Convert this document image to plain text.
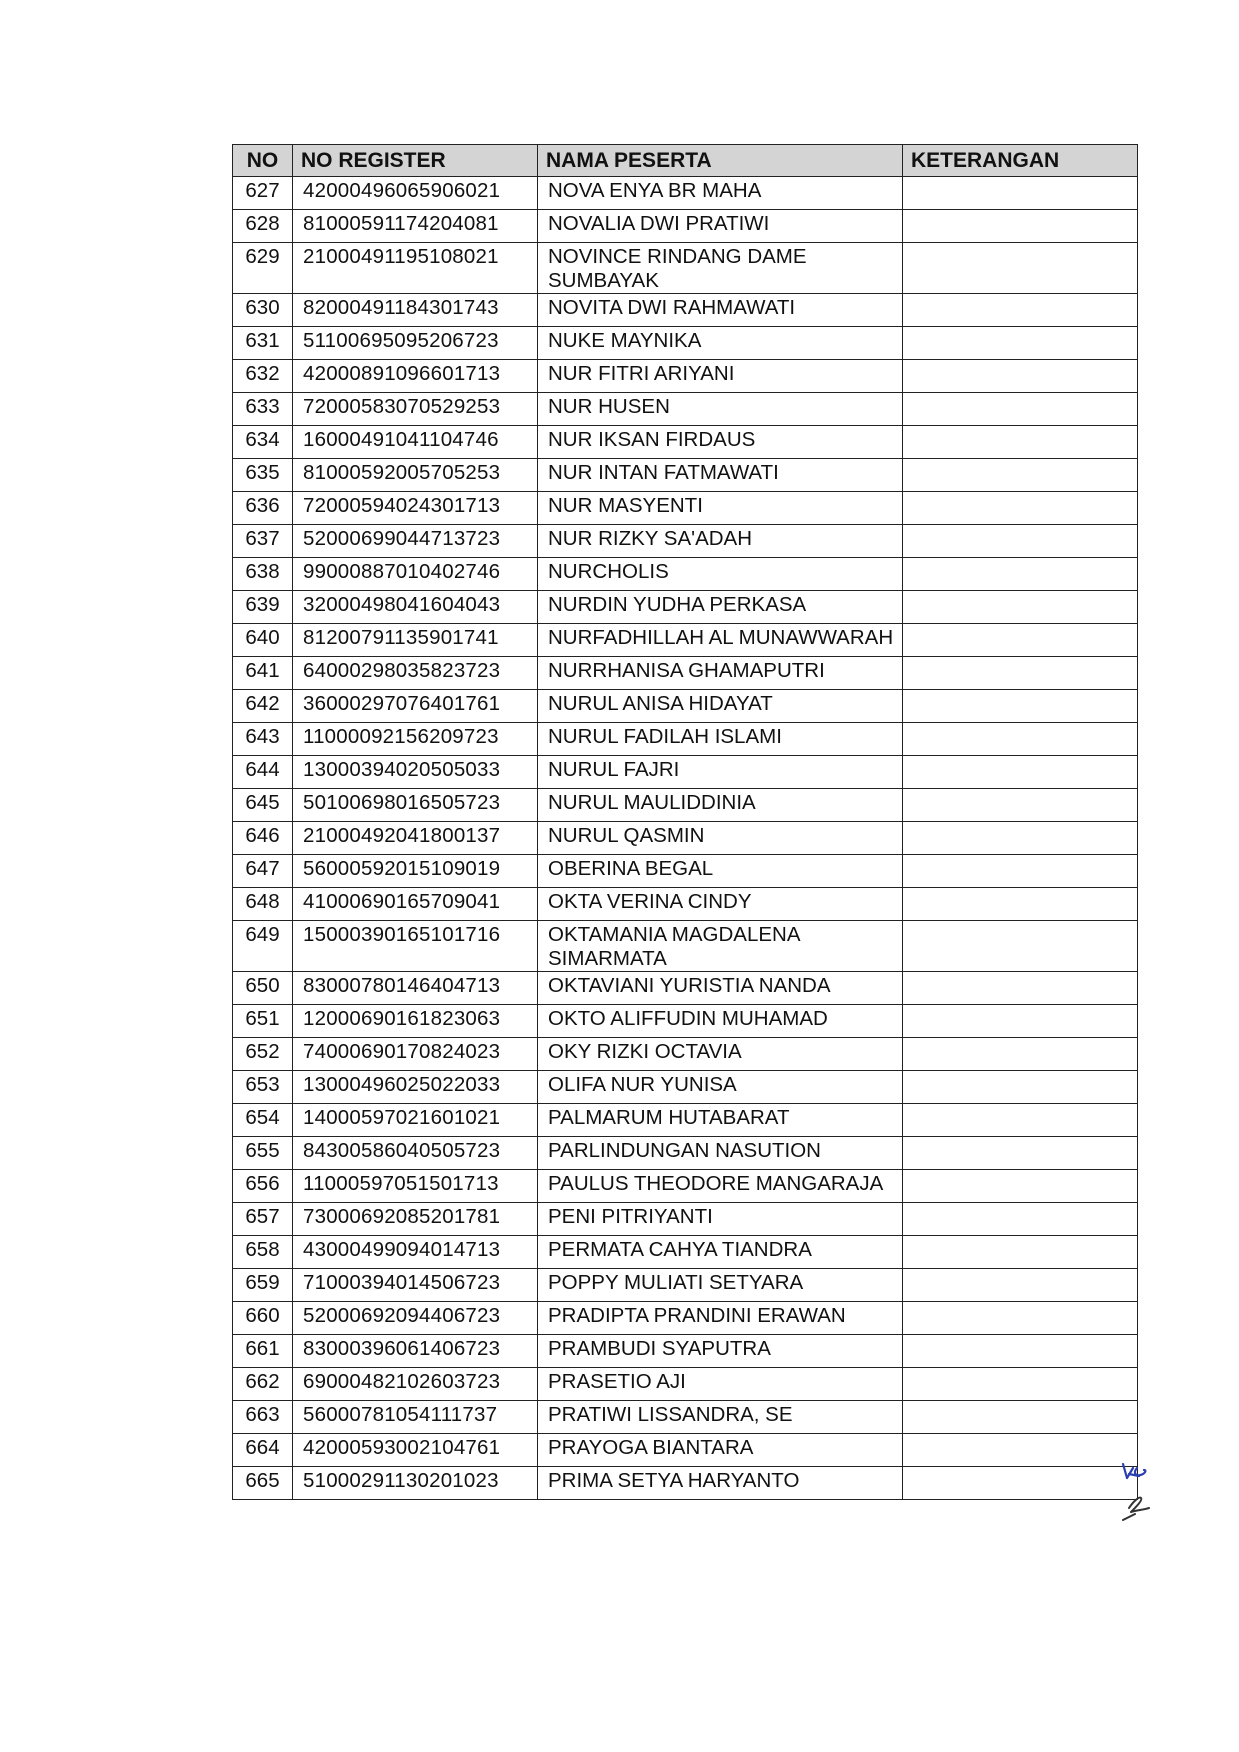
NO	NO REGISTER	NAMA PESERTA	KETERANGAN
627	42000496065906021	NOVA ENYA BR MAHA	
628	81000591174204081	NOVALIA DWI PRATIWI	
629	21000491195108021	NOVINCE RINDANG DAME SUMBAYAK	
630	82000491184301743	NOVITA DWI RAHMAWATI	
631	51100695095206723	NUKE MAYNIKA	
632	42000891096601713	NUR FITRI ARIYANI	
633	72000583070529253	NUR HUSEN	
634	16000491041104746	NUR IKSAN FIRDAUS	
635	81000592005705253	NUR INTAN FATMAWATI	
636	72000594024301713	NUR MASYENTI	
637	52000699044713723	NUR RIZKY SA'ADAH	
638	99000887010402746	NURCHOLIS	
639	32000498041604043	NURDIN YUDHA PERKASA	
640	81200791135901741	NURFADHILLAH AL MUNAWWARAH	
641	64000298035823723	NURRHANISA GHAMAPUTRI	
642	36000297076401761	NURUL ANISA HIDAYAT	
643	11000092156209723	NURUL FADILAH ISLAMI	
644	13000394020505033	NURUL FAJRI	
645	50100698016505723	NURUL MAULIDDINIA	
646	21000492041800137	NURUL QASMIN	
647	56000592015109019	OBERINA BEGAL	
648	41000690165709041	OKTA VERINA CINDY	
649	15000390165101716	OKTAMANIA MAGDALENA SIMARMATA	
650	83000780146404713	OKTAVIANI YURISTIA NANDA	
651	12000690161823063	OKTO ALIFFUDIN MUHAMAD	
652	74000690170824023	OKY RIZKI OCTAVIA	
653	13000496025022033	OLIFA NUR YUNISA	
654	14000597021601021	PALMARUM HUTABARAT	
655	84300586040505723	PARLINDUNGAN NASUTION	
656	11000597051501713	PAULUS THEODORE MANGARAJA	
657	73000692085201781	PENI PITRIYANTI	
658	43000499094014713	PERMATA CAHYA TIANDRA	
659	71000394014506723	POPPY MULIATI SETYARA	
660	52000692094406723	PRADIPTA PRANDINI ERAWAN	
661	83000396061406723	PRAMBUDI SYAPUTRA	
662	69000482102603723	PRASETIO AJI	
663	56000781054111737	PRATIWI LISSANDRA, SE	
664	42000593002104761	PRAYOGA BIANTARA	
665	51000291130201023	PRIMA SETYA HARYANTO	
